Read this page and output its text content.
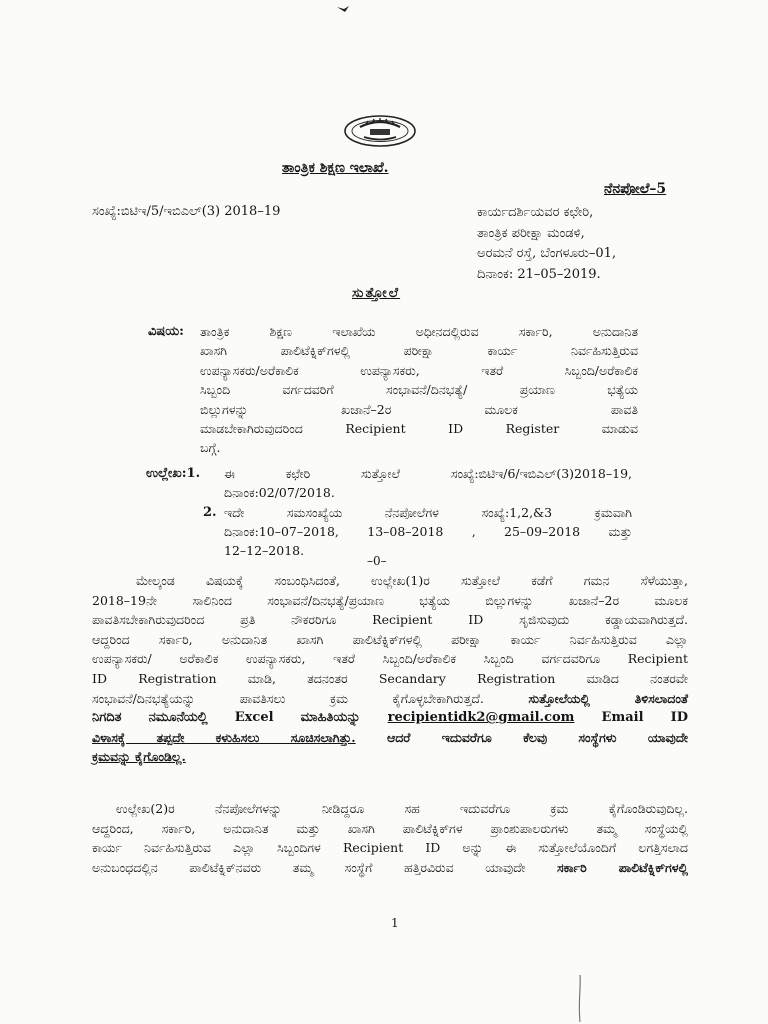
ತಾಂತ್ರಿಕ ಶಿಕ್ಷಣ ಇಲಾಖೆ.
ನೆನಪೋಲೆ–5
ಸಂಖ್ಯೆ:ಬಿಟಿಇ/5/ಇಬಿಎಲ್(3) 2018–19	ಕಾರ್ಯದರ್ಶಿಯವರ ಕಛೇರಿ,
ತಾಂತ್ರಿಕ ಪರೀಕ್ಷಾ ಮಂಡಳಿ,
ಅರಮನೆ ರಸ್ತೆ, ಬೆಂಗಳೂರು–01,
ದಿನಾಂಕ: 21–05–2019.
ಸುತ್ತೋಲೆ
ವಿಷಯ: ತಾಂತ್ರಿಕ ಶಿಕ್ಷಣ ಇಲಾಖೆಯ ಅಧೀನದಲ್ಲಿರುವ ಸರ್ಕಾರಿ, ಅನುದಾನಿತ
ಖಾಸಗಿ ಪಾಲಿಟೆಕ್ನಿಕ್‌ಗಳಲ್ಲಿ ಪರೀಕ್ಷಾ ಕಾರ್ಯ ನಿರ್ವಹಿಸುತ್ತಿರುವ
ಉಪನ್ಯಾಸಕರು/ಅರೆಕಾಲಿಕ ಉಪನ್ಯಾಸಕರು, ಇತರೆ ಸಿಬ್ಬಂದಿ/ಅರೆಕಾಲಿಕ
ಸಿಬ್ಬಂದಿ ವರ್ಗದವರಿಗೆ ಸಂಭಾವನೆ/ದಿನಭತ್ಯೆ/ ಪ್ರಯಾಣ ಭತ್ಯೆಯ
ಬಿಲ್ಲುಗಳನ್ನು ಖಜಾನೆ–2ರ ಮೂಲಕ ಪಾವತಿ
ಮಾಡಬೇಕಾಗಿರುವುದರಿಂದ Recipient ID Register ಮಾಡುವ
ಬಗ್ಗೆ.
ಉಲ್ಲೇಖ:1. ಈ ಕಛೇರಿ ಸುತ್ತೋಲೆ ಸಂಖ್ಯೆ:ಬಿಟಿಇ/6/ಇಬಿಎಲ್(3)2018–19,
ದಿನಾಂಕ:02/07/2018.
2. ಇದೇ ಸಮಸಂಖ್ಯೆಯ ನೆನಪೋಲೆಗಳ ಸಂಖ್ಯೆ:1,2,&3 ಕ್ರಮವಾಗಿ
ದಿನಾಂಕ:10–07–2018, 13–08–2018 , 25–09–2018 ಮತ್ತು
12–12–2018.
–0–
ಮೇಲ್ಕಂಡ ವಿಷಯಕ್ಕೆ ಸಂಬಂಧಿಸಿದಂತೆ, ಉಲ್ಲೇಖ(1)ರ ಸುತ್ತೋಲೆ ಕಡೆಗೆ ಗಮನ ಸೆಳೆಯುತ್ತಾ,
2018–19ನೇ ಸಾಲಿನಿಂದ ಸಂಭಾವನೆ/ದಿನಭತ್ಯೆ/ಪ್ರಯಾಣ ಭತ್ಯೆಯ ಬಿಲ್ಲುಗಳನ್ನು ಖಜಾನೆ–2ರ ಮೂಲಕ
ಪಾವತಿಸಬೇಕಾಗಿರುವುದರಿಂದ ಪ್ರತಿ ನೌಕರರಿಗೂ Recipient ID ಸೃಜಿಸುವುದು ಕಡ್ಡಾಯವಾಗಿರುತ್ತದೆ.
ಆದ್ದರಿಂದ ಸರ್ಕಾರಿ, ಅನುದಾನಿತ ಖಾಸಗಿ ಪಾಲಿಟೆಕ್ನಿಕ್‌ಗಳಲ್ಲಿ ಪರೀಕ್ಷಾ ಕಾರ್ಯ ನಿರ್ವಹಿಸುತ್ತಿರುವ ಎಲ್ಲಾ
ಉಪನ್ಯಾಸಕರು/ ಅರೆಕಾಲಿಕ ಉಪನ್ಯಾಸಕರು, ಇತರೆ ಸಿಬ್ಬಂದಿ/ಅರೆಕಾಲಿಕ ಸಿಬ್ಬಂದಿ ವರ್ಗದವರಿಗೂ Recipient
ID Registration ಮಾಡಿ, ತದನಂತರ Secandary Registration ಮಾಡಿದ ನಂತರವೇ
ಸಂಭಾವನೆ/ದಿನಭತ್ಯೆಯನ್ನು ಪಾವತಿಸಲು ಕ್ರಮ ಕೈಗೊಳ್ಳಬೇಕಾಗಿರುತ್ತದೆ.	ಸುತ್ತೋಲೆಯಲ್ಲಿ ತಿಳಿಸಲಾದಂತೆ
ನಿಗದಿತ ನಮೂನೆಯಲ್ಲಿ Excel ಮಾಹಿತಿಯನ್ನು recipientidk2@gmail.com Email ID
ವಿಳಾಸಕ್ಕೆ ತಪ್ಪದೇ ಕಳುಹಿಸಲು ಸೂಚಿಸಲಾಗಿತ್ತು.	ಆದರೆ ಇದುವರೆಗೂ ಕೆಲವು ಸಂಸ್ಥೆಗಳು ಯಾವುದೇ
ಕ್ರಮವನ್ನು ಕೈಗೊಂಡಿಲ್ಲ.
ಉಲ್ಲೇಖ(2)ರ ನೆನಪೋಲೆಗಳನ್ನು ನೀಡಿದ್ದರೂ ಸಹ ಇದುವರೆಗೂ ಕ್ರಮ ಕೈಗೊಂಡಿರುವುದಿಲ್ಲ.
ಆದ್ದರಿಂದ, ಸರ್ಕಾರಿ, ಅನುದಾನಿತ ಮತ್ತು ಖಾಸಗಿ ಪಾಲಿಟೆಕ್ನಿಕ್‌ಗಳ ಪ್ರಾಂಶುಪಾಲರುಗಳು ತಮ್ಮ ಸಂಸ್ಥೆಯಲ್ಲಿ
ಕಾರ್ಯ ನಿರ್ವಹಿಸುತ್ತಿರುವ ಎಲ್ಲಾ ಸಿಬ್ಬಂದಿಗಳ Recipient ID ಅನ್ನು ಈ ಸುತ್ತೋಲೆಯೊಂದಿಗೆ ಲಗತ್ತಿಸಲಾದ
ಅನುಬಂಧದಲ್ಲಿನ ಪಾಲಿಟೆಕ್ನಿಕ್‌ನವರು ತಮ್ಮ ಸಂಸ್ಥೆಗೆ ಹತ್ತಿರವಿರುವ ಯಾವುದೇ	ಸರ್ಕಾರಿ ಪಾಲಿಟೆಕ್ನಿಕ್‌ಗಳಲ್ಲಿ
1
